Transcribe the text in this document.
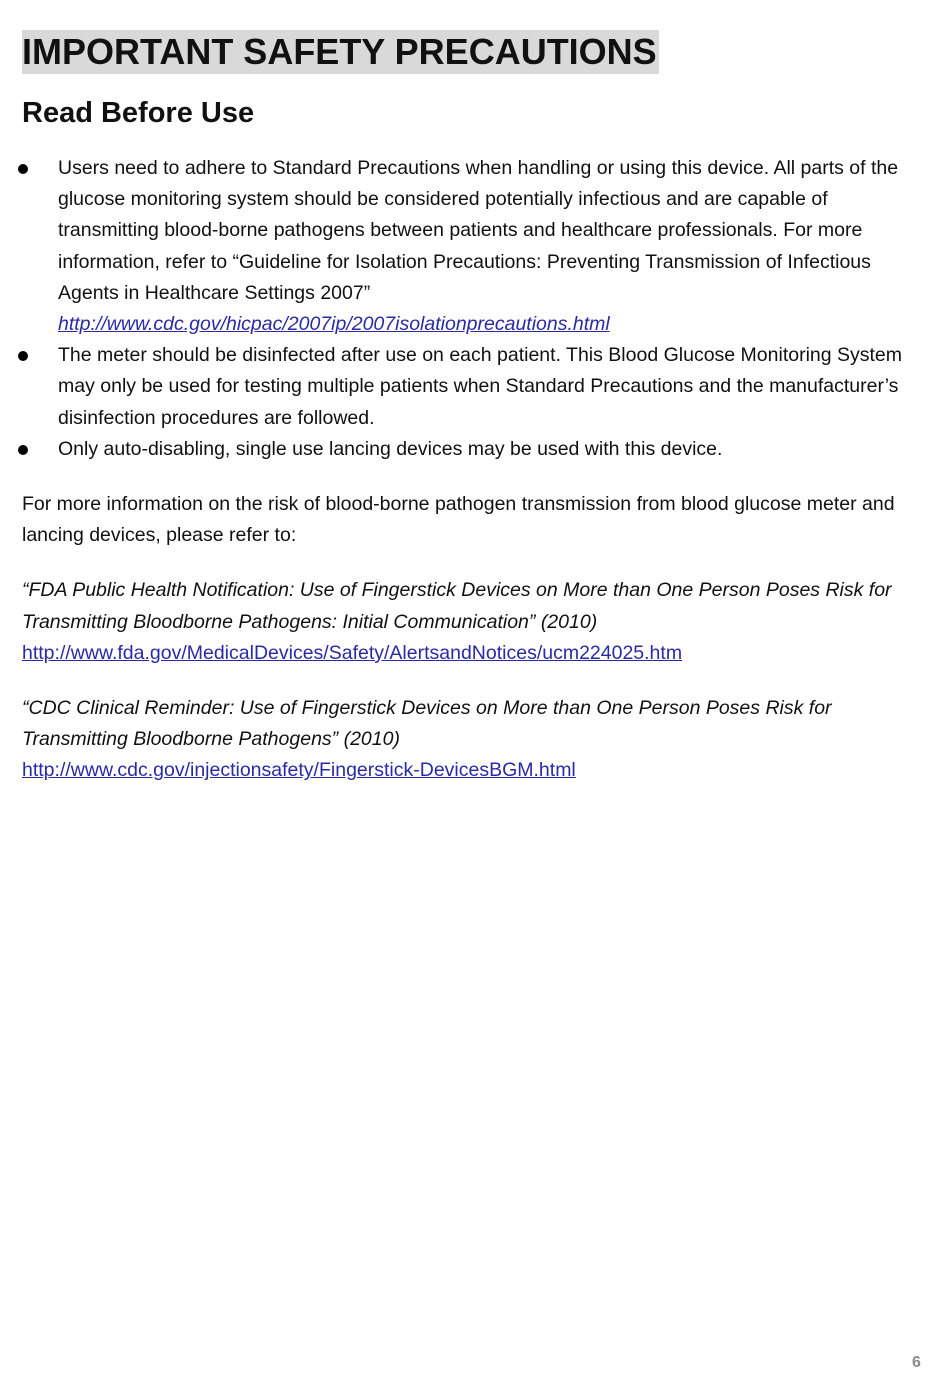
IMPORTANT SAFETY PRECAUTIONS
Read Before Use
Users need to adhere to Standard Precautions when handling or using this device. All parts of the glucose monitoring system should be considered potentially infectious and are capable of transmitting blood-borne pathogens between patients and healthcare professionals. For more information, refer to “Guideline for Isolation Precautions: Preventing Transmission of Infectious Agents in Healthcare Settings 2007”
http://www.cdc.gov/hicpac/2007ip/2007isolationprecautions.html
The meter should be disinfected after use on each patient. This Blood Glucose Monitoring System may only be used for testing multiple patients when Standard Precautions and the manufacturer’s disinfection procedures are followed.
Only auto-disabling, single use lancing devices may be used with this device.

For more information on the risk of blood-borne pathogen transmission from blood glucose meter and lancing devices, please refer to:

“FDA Public Health Notification: Use of Fingerstick Devices on More than One Person Poses Risk for Transmitting Bloodborne Pathogens: Initial Communication” (2010)
http://www.fda.gov/MedicalDevices/Safety/AlertsandNotices/ucm224025.htm

“CDC Clinical Reminder: Use of Fingerstick Devices on More than One Person Poses Risk for Transmitting Bloodborne Pathogens” (2010)
http://www.cdc.gov/injectionsafety/Fingerstick-DevicesBGM.html

6
